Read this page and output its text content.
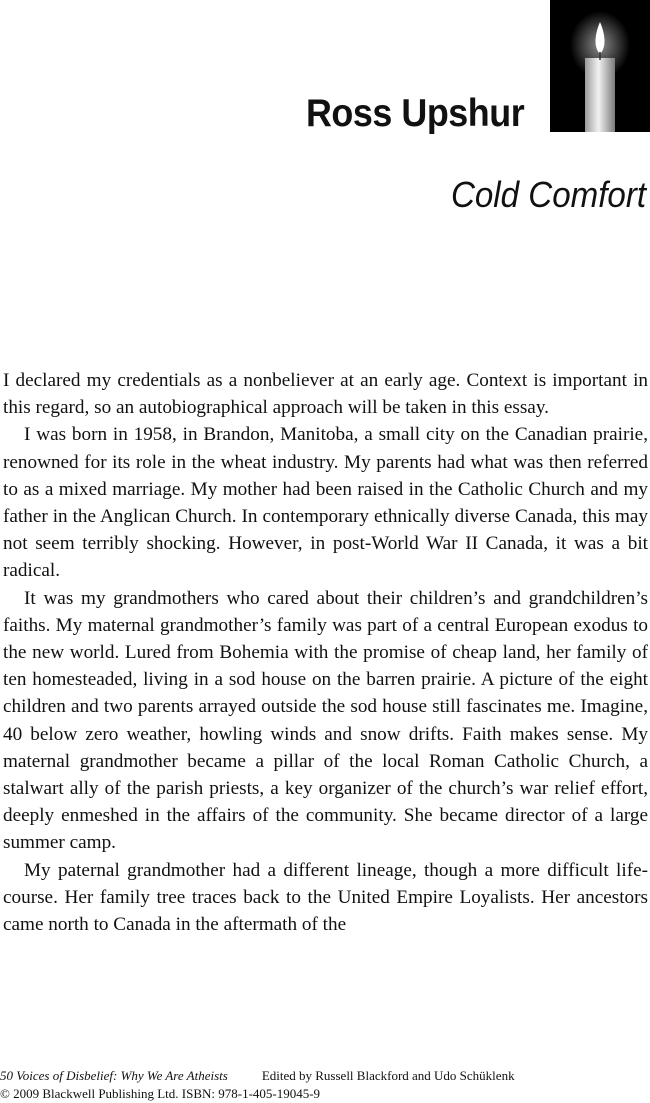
Ross Upshur
Cold Comfort

I declared my credentials as a nonbeliever at an early age. Context is important in this regard, so an autobiographical approach will be taken in this essay.

I was born in 1958, in Brandon, Manitoba, a small city on the Canadian prairie, renowned for its role in the wheat industry. My parents had what was then referred to as a mixed marriage. My mother had been raised in the Catholic Church and my father in the Anglican Church. In contemporary ethnically diverse Canada, this may not seem terribly shocking. However, in post-World War II Canada, it was a bit radical.

It was my grandmothers who cared about their children’s and grandchildren’s faiths. My maternal grandmother’s family was part of a central European exodus to the new world. Lured from Bohemia with the promise of cheap land, her family of ten homesteaded, living in a sod house on the barren prairie. A picture of the eight children and two parents arrayed outside the sod house still fascinates me. Imagine, 40 below zero weather, howling winds and snow drifts. Faith makes sense. My maternal grandmother became a pillar of the local Roman Catholic Church, a stalwart ally of the parish priests, a key organizer of the church’s war relief effort, deeply enmeshed in the affairs of the community. She became director of a large summer camp.

My paternal grandmother had a different lineage, though a more difficult life-course. Her family tree traces back to the United Empire Loyalists. Her ancestors came north to Canada in the aftermath of the

50 Voices of Disbelief: Why We Are Atheists	Edited by Russell Blackford and Udo Schüklenk
© 2009 Blackwell Publishing Ltd. ISBN: 978-1-405-19045-9
